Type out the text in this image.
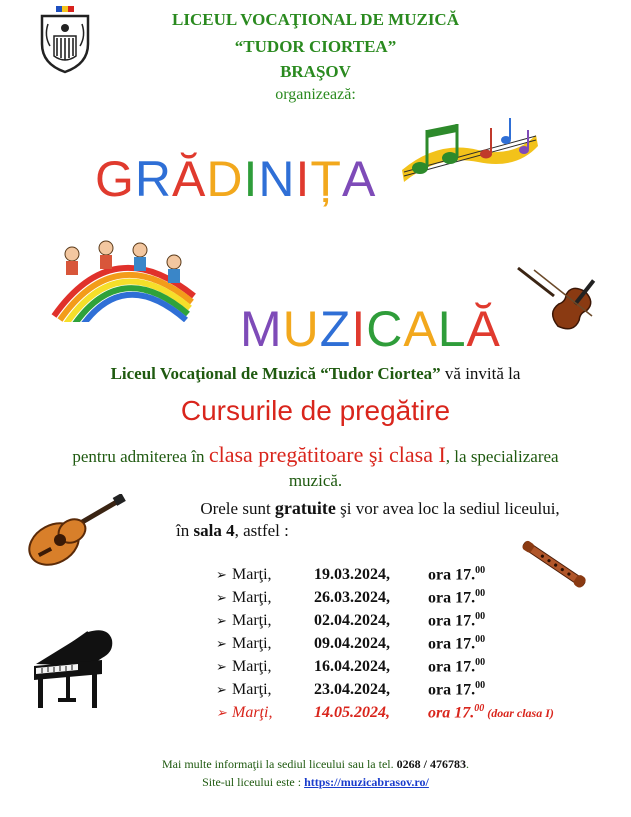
LICEUL VOCAŢIONAL DE MUZICĂ
“TUDOR CIORTEA”
BRAŞOV
organizează:
GRĂDINIȚA
MUZICALĂ
Liceul Vocaţional de Muzică “Tudor Ciortea” vă invită la
Cursurile de pregătire
pentru admiterea în clasa pregătitoare şi clasa I, la specializarea
muzică.
Orele sunt gratuite şi vor avea loc la sediul liceului,
în sala 4, astfel :
➢ Marţi,	19.03.2024,	ora 17.00
➢ Marţi,	26.03.2024,	ora 17.00
➢ Marţi,	02.04.2024,	ora 17.00
➢ Marţi,	09.04.2024,	ora 17.00
➢ Marţi,	16.04.2024,	ora 17.00
➢ Marţi,	23.04.2024,	ora 17.00
➢ Marţi,	14.05.2024,	ora 17.00 (doar clasa I)
Mai multe informaţii la sediul liceului sau la tel. 0268 / 476783.
Site-ul liceului este : https://muzicabrasov.ro/
